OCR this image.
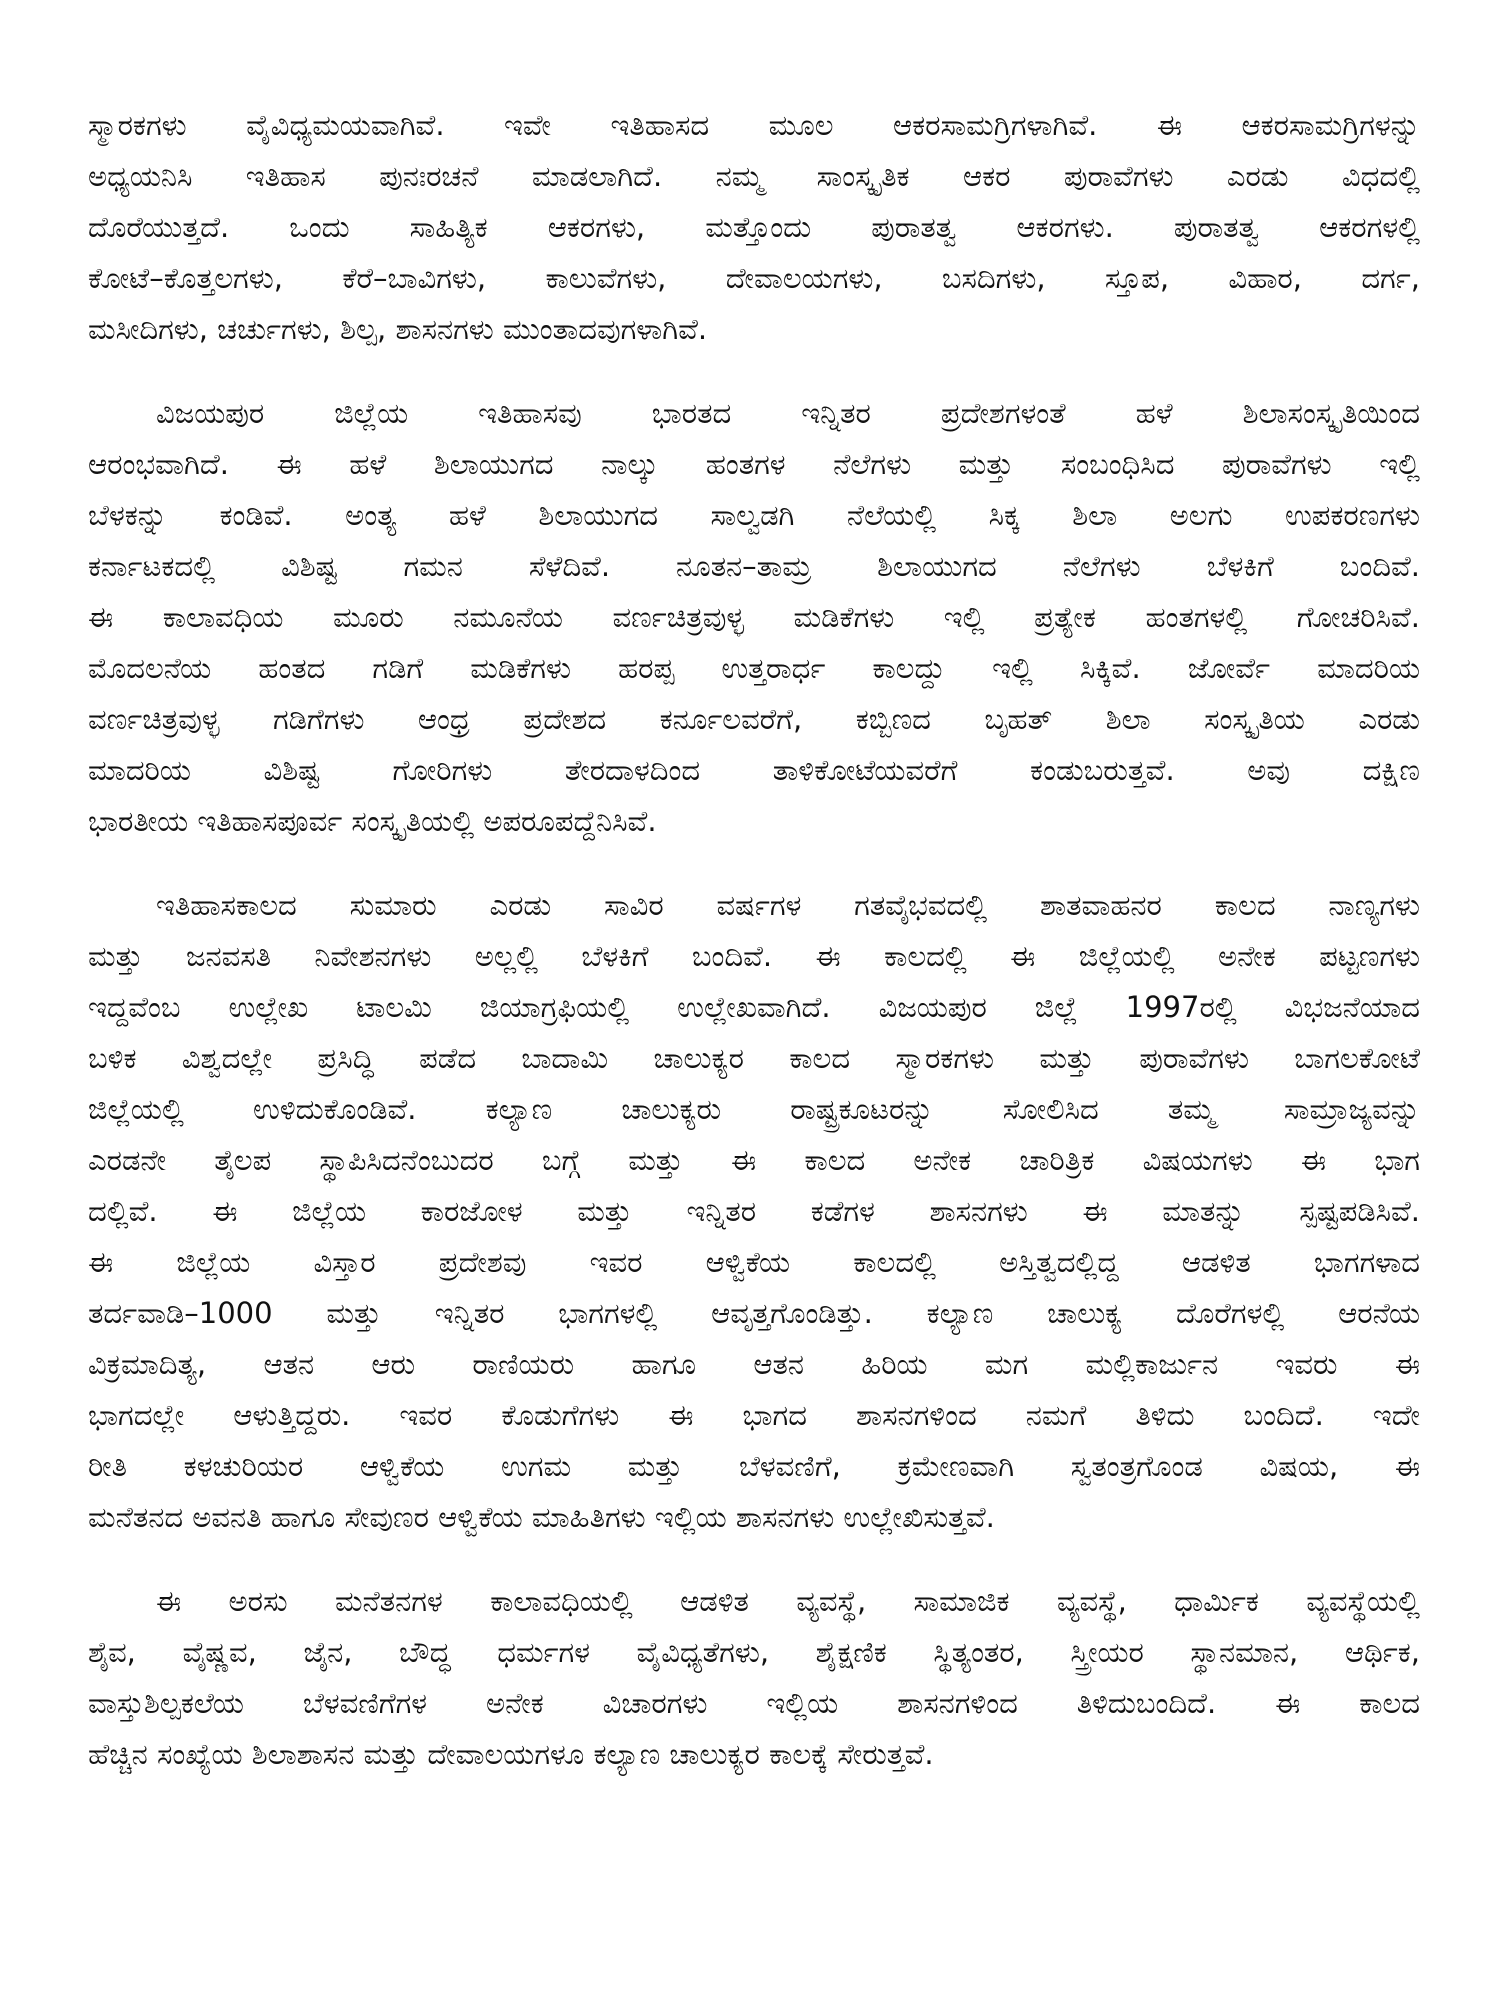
ಸ್ಮಾರಕಗಳು ವೈವಿಧ್ಯಮಯವಾಗಿವೆ. ಇವೇ ಇತಿಹಾಸದ ಮೂಲ ಆಕರಸಾಮಗ್ರಿಗಳಾಗಿವೆ. ಈ ಆಕರಸಾಮಗ್ರಿಗಳನ್ನು
ಅಧ್ಯಯನಿಸಿ ಇತಿಹಾಸ ಪುನಃರಚನೆ ಮಾಡಲಾಗಿದೆ. ನಮ್ಮ ಸಾಂಸ್ಕೃತಿಕ ಆಕರ ಪುರಾವೆಗಳು ಎರಡು ವಿಧದಲ್ಲಿ
ದೊರೆಯುತ್ತದೆ. ಒಂದು ಸಾಹಿತ್ಯಿಕ ಆಕರಗಳು, ಮತ್ತೊಂದು ಪುರಾತತ್ವ ಆಕರಗಳು. ಪುರಾತತ್ವ ಆಕರಗಳಲ್ಲಿ
ಕೋಟೆ–ಕೊತ್ತಲಗಳು, ಕೆರೆ–ಬಾವಿಗಳು, ಕಾಲುವೆಗಳು, ದೇವಾಲಯಗಳು, ಬಸದಿಗಳು, ಸ್ತೂಪ, ವಿಹಾರ, ದರ್ಗ,
ಮಸೀದಿಗಳು, ಚರ್ಚುಗಳು, ಶಿಲ್ಪ, ಶಾಸನಗಳು ಮುಂತಾದವುಗಳಾಗಿವೆ.
ವಿಜಯಪುರ ಜಿಲ್ಲೆಯ ಇತಿಹಾಸವು ಭಾರತದ ಇನ್ನಿತರ ಪ್ರದೇಶಗಳಂತೆ ಹಳೆ ಶಿಲಾಸಂಸ್ಕೃತಿಯಿಂದ
ಆರಂಭವಾಗಿದೆ. ಈ ಹಳೆ ಶಿಲಾಯುಗದ ನಾಲ್ಕು ಹಂತಗಳ ನೆಲೆಗಳು ಮತ್ತು ಸಂಬಂಧಿಸಿದ ಪುರಾವೆಗಳು ಇಲ್ಲಿ
ಬೆಳಕನ್ನು ಕಂಡಿವೆ. ಅಂತ್ಯ ಹಳೆ ಶಿಲಾಯುಗದ ಸಾಲ್ವಡಗಿ ನೆಲೆಯಲ್ಲಿ ಸಿಕ್ಕ ಶಿಲಾ ಅಲಗು ಉಪಕರಣಗಳು
ಕರ್ನಾಟಕದಲ್ಲಿ ವಿಶಿಷ್ಟ ಗಮನ ಸೆಳೆದಿವೆ. ನೂತನ–ತಾಮ್ರ ಶಿಲಾಯುಗದ ನೆಲೆಗಳು ಬೆಳಕಿಗೆ ಬಂದಿವೆ.
ಈ ಕಾಲಾವಧಿಯ ಮೂರು ನಮೂನೆಯ ವರ್ಣಚಿತ್ರವುಳ್ಳ ಮಡಿಕೆಗಳು ಇಲ್ಲಿ ಪ್ರತ್ಯೇಕ ಹಂತಗಳಲ್ಲಿ ಗೋಚರಿಸಿವೆ.
ಮೊದಲನೆಯ ಹಂತದ ಗಡಿಗೆ ಮಡಿಕೆಗಳು ಹರಪ್ಪ ಉತ್ತರಾರ್ಧ ಕಾಲದ್ದು ಇಲ್ಲಿ ಸಿಕ್ಕಿವೆ. ಜೋರ್ವೆ ಮಾದರಿಯ
ವರ್ಣಚಿತ್ರವುಳ್ಳ ಗಡಿಗೆಗಳು ಆಂಧ್ರ ಪ್ರದೇಶದ ಕರ್ನೂಲವರೆಗೆ, ಕಬ್ಬಿಣದ ಬೃಹತ್ ಶಿಲಾ ಸಂಸ್ಕೃತಿಯ ಎರಡು
ಮಾದರಿಯ ವಿಶಿಷ್ಟ ಗೋರಿಗಳು ತೇರದಾಳದಿಂದ ತಾಳಿಕೋಟೆಯವರೆಗೆ ಕಂಡುಬರುತ್ತವೆ. ಅವು ದಕ್ಷಿಣ
ಭಾರತೀಯ ಇತಿಹಾಸಪೂರ್ವ ಸಂಸ್ಕೃತಿಯಲ್ಲಿ ಅಪರೂಪದ್ದೆನಿಸಿವೆ.
ಇತಿಹಾಸಕಾಲದ ಸುಮಾರು ಎರಡು ಸಾವಿರ ವರ್ಷಗಳ ಗತವೈಭವದಲ್ಲಿ ಶಾತವಾಹನರ ಕಾಲದ ನಾಣ್ಯಗಳು
ಮತ್ತು ಜನವಸತಿ ನಿವೇಶನಗಳು ಅಲ್ಲಲ್ಲಿ ಬೆಳಕಿಗೆ ಬಂದಿವೆ. ಈ ಕಾಲದಲ್ಲಿ ಈ ಜಿಲ್ಲೆಯಲ್ಲಿ ಅನೇಕ ಪಟ್ಟಣಗಳು
ಇದ್ದವೆಂಬ ಉಲ್ಲೇಖ ಟಾಲಮಿ ಜಿಯಾಗ್ರಫಿಯಲ್ಲಿ ಉಲ್ಲೇಖವಾಗಿದೆ. ವಿಜಯಪುರ ಜಿಲ್ಲೆ 1997ರಲ್ಲಿ ವಿಭಜನೆಯಾದ
ಬಳಿಕ ವಿಶ್ವದಲ್ಲೇ ಪ್ರಸಿದ್ಧಿ ಪಡೆದ ಬಾದಾಮಿ ಚಾಲುಕ್ಯರ ಕಾಲದ ಸ್ಮಾರಕಗಳು ಮತ್ತು ಪುರಾವೆಗಳು ಬಾಗಲಕೋಟೆ
ಜಿಲ್ಲೆಯಲ್ಲಿ ಉಳಿದುಕೊಂಡಿವೆ. ಕಲ್ಯಾಣ ಚಾಲುಕ್ಯರು ರಾಷ್ಟ್ರಕೂಟರನ್ನು ಸೋಲಿಸಿದ ತಮ್ಮ ಸಾಮ್ರಾಜ್ಯವನ್ನು
ಎರಡನೇ ತೈಲಪ ಸ್ಥಾಪಿಸಿದನೆಂಬುದರ ಬಗ್ಗೆ ಮತ್ತು ಈ ಕಾಲದ ಅನೇಕ ಚಾರಿತ್ರಿಕ ವಿಷಯಗಳು ಈ ಭಾಗ
ದಲ್ಲಿವೆ. ಈ ಜಿಲ್ಲೆಯ ಕಾರಜೋಳ ಮತ್ತು ಇನ್ನಿತರ ಕಡೆಗಳ ಶಾಸನಗಳು ಈ ಮಾತನ್ನು ಸ್ಪಷ್ಟಪಡಿಸಿವೆ.
ಈ ಜಿಲ್ಲೆಯ ವಿಸ್ತಾರ ಪ್ರದೇಶವು ಇವರ ಆಳ್ವಿಕೆಯ ಕಾಲದಲ್ಲಿ ಅಸ್ತಿತ್ವದಲ್ಲಿದ್ದ ಆಡಳಿತ ಭಾಗಗಳಾದ
ತರ್ದವಾಡಿ–1000 ಮತ್ತು ಇನ್ನಿತರ ಭಾಗಗಳಲ್ಲಿ ಆವೃತ್ತಗೊಂಡಿತ್ತು. ಕಲ್ಯಾಣ ಚಾಲುಕ್ಯ ದೊರೆಗಳಲ್ಲಿ ಆರನೆಯ
ವಿಕ್ರಮಾದಿತ್ಯ, ಆತನ ಆರು ರಾಣಿಯರು ಹಾಗೂ ಆತನ ಹಿರಿಯ ಮಗ ಮಲ್ಲಿಕಾರ್ಜುನ ಇವರು ಈ
ಭಾಗದಲ್ಲೇ ಆಳುತ್ತಿದ್ದರು. ಇವರ ಕೊಡುಗೆಗಳು ಈ ಭಾಗದ ಶಾಸನಗಳಿಂದ ನಮಗೆ ತಿಳಿದು ಬಂದಿದೆ. ಇದೇ
ರೀತಿ ಕಳಚುರಿಯರ ಆಳ್ವಿಕೆಯ ಉಗಮ ಮತ್ತು ಬೆಳವಣಿಗೆ, ಕ್ರಮೇಣವಾಗಿ ಸ್ವತಂತ್ರಗೊಂಡ ವಿಷಯ, ಈ
ಮನೆತನದ ಅವನತಿ ಹಾಗೂ ಸೇವುಣರ ಆಳ್ವಿಕೆಯ ಮಾಹಿತಿಗಳು ಇಲ್ಲಿಯ ಶಾಸನಗಳು ಉಲ್ಲೇಖಿಸುತ್ತವೆ.
ಈ ಅರಸು ಮನೆತನಗಳ ಕಾಲಾವಧಿಯಲ್ಲಿ ಆಡಳಿತ ವ್ಯವಸ್ಥೆ, ಸಾಮಾಜಿಕ ವ್ಯವಸ್ಥೆ, ಧಾರ್ಮಿಕ ವ್ಯವಸ್ಥೆಯಲ್ಲಿ
ಶೈವ, ವೈಷ್ಣವ, ಜೈನ, ಬೌದ್ಧ ಧರ್ಮಗಳ ವೈವಿಧ್ಯತೆಗಳು, ಶೈಕ್ಷಣಿಕ ಸ್ಥಿತ್ಯಂತರ, ಸ್ತ್ರೀಯರ ಸ್ಥಾನಮಾನ, ಆರ್ಥಿಕ,
ವಾಸ್ತುಶಿಲ್ಪಕಲೆಯ ಬೆಳವಣಿಗೆಗಳ ಅನೇಕ ವಿಚಾರಗಳು ಇಲ್ಲಿಯ ಶಾಸನಗಳಿಂದ ತಿಳಿದುಬಂದಿದೆ. ಈ ಕಾಲದ
ಹೆಚ್ಚಿನ ಸಂಖ್ಯೆಯ ಶಿಲಾಶಾಸನ ಮತ್ತು ದೇವಾಲಯಗಳೂ ಕಲ್ಯಾಣ ಚಾಲುಕ್ಯರ ಕಾಲಕ್ಕೆ ಸೇರುತ್ತವೆ.
